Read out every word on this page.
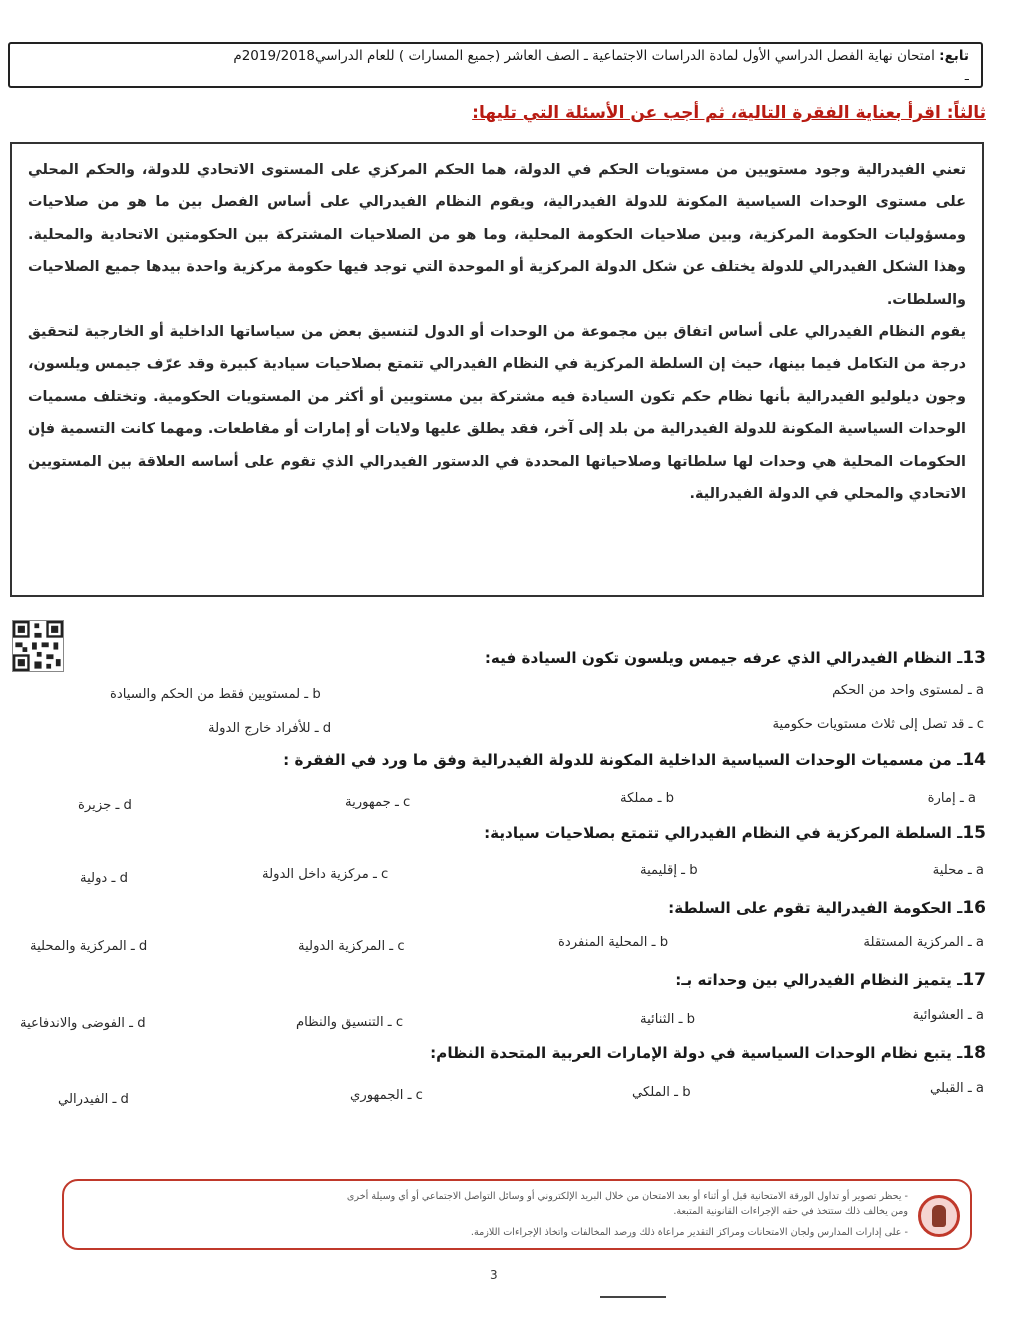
تابع: امتحان نهاية الفصل الدراسي الأول لمادة الدراسات الاجتماعية ـ الصف العاشر (جميع المسارات ) للعام الدراسي2019/2018م

ثالثاً: اقرأ بعناية الفقرة التالية، ثم أجب عن الأسئلة التي تليها:

تعني الفيدرالية وجود مستويين من مستويات الحكم في الدولة، هما الحكم المركزي على المستوى الاتحادي للدولة، والحكم المحلي على مستوى الوحدات السياسية المكونة للدولة الفيدرالية، ويقوم النظام الفيدرالي على أساس الفصل بين ما هو من صلاحيات ومسؤوليات الحكومة المركزية، وبين صلاحيات الحكومة المحلية، وما هو من الصلاحيات المشتركة بين الحكومتين الاتحادية والمحلية. وهذا الشكل الفيدرالي للدولة يختلف عن شكل الدولة المركزية أو الموحدة التي توجد فيها حكومة مركزية واحدة بيدها جميع الصلاحيات والسلطات.

يقوم النظام الفيدرالي على أساس اتفاق بين مجموعة من الوحدات أو الدول لتنسيق بعض من سياساتها الداخلية أو الخارجية لتحقيق درجة من التكامل فيما بينها، حيث إن السلطة المركزية في النظام الفيدرالي تتمتع بصلاحيات سيادية كبيرة وقد عرّف جيمس ويلسون، وجون ديلوليو الفيدرالية بأنها نظام حكم تكون السيادة فيه مشتركة بين مستويين أو أكثر من المستويات الحكومية. وتختلف مسميات الوحدات السياسية المكونة للدولة الفيدرالية من بلد إلى آخر، فقد يطلق عليها ولايات أو إمارات أو مقاطعات. ومهما كانت التسمية فإن الحكومات المحلية هي وحدات لها سلطاتها وصلاحياتها المحددة في الدستور الفيدرالي الذي تقوم على أساسه العلاقة بين المستويين الاتحادي والمحلي في الدولة الفيدرالية.

13ـ النظام الفيدرالي الذي عرفه جيمس ويلسون تكون السيادة فيه:
a ـ لمستوى واحد من الحكم
b ـ لمستويين فقط من الحكم والسيادة
c ـ قد تصل إلى ثلاث مستويات حكومية
d ـ للأفراد خارج الدولة
14ـ من مسميات الوحدات السياسية الداخلية المكونة للدولة الفيدرالية وفق ما ورد في الفقرة :
a ـ إمارة
b ـ مملكة
c ـ جمهورية
d ـ جزيرة
15ـ السلطة المركزية في النظام الفيدرالي تتمتع بصلاحيات سيادية:
a ـ محلية
b ـ إقليمية
c ـ مركزية داخل الدولة
d ـ دولية
16ـ الحكومة الفيدرالية تقوم على السلطة:
a ـ المركزية المستقلة
b ـ المحلية المنفردة
c ـ المركزية الدولية
d ـ المركزية والمحلية
17ـ يتميز النظام الفيدرالي بين وحداته بـ:
a ـ العشوائية
b ـ الثنائية
c ـ التنسيق والنظام
d ـ الفوضى والاندفاعية
18ـ يتبع نظام الوحدات السياسية في دولة الإمارات العربية المتحدة النظام:
a ـ القبلي
b ـ الملكي
c ـ الجمهوري
d ـ الفيدرالي

- يحظر تصوير أو تداول الورقة الامتحانية قبل أو أثناء أو بعد الامتحان من خلال البريد الإلكتروني أو وسائل التواصل الاجتماعي أو أي وسيلة أخرى

ومن يخالف ذلك ستتخذ في حقه الإجراءات القانونية المتبعة.

- على إدارات المدارس ولجان الامتحانات ومراكز التقدير مراعاة ذلك ورصد المخالفات واتخاذ الإجراءات اللازمة.

3
